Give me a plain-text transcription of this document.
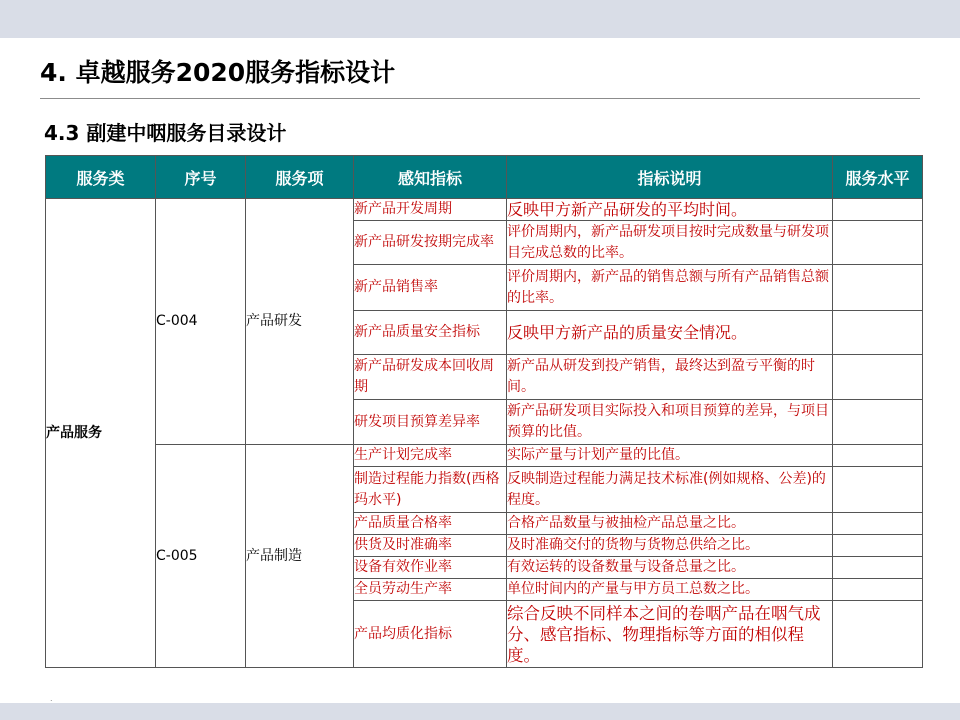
4. 卓越服务2020服务指标设计
4.3 副建中咽服务目录设计
服务类	序号	服务项	感知指标	指标说明	服务水平
产品服务	C-004	产品研发	新产品开发周期	反映甲方新产品研发的平均时间。	
			新产品研发按期完成率	评价周期内，新产品研发项目按时完成数量与研发项目完成总数的比率。	
			新产品销售率	评价周期内，新产品的销售总额与所有产品销售总额的比率。	
			新产品质量安全指标	反映甲方新产品的质量安全情况。	
			新产品研发成本回收周期	新产品从研发到投产销售，最终达到盈亏平衡的时间。	
			研发项目预算差异率	新产品研发项目实际投入和项目预算的差异，与项目预算的比值。	
	C-005	产品制造	生产计划完成率	实际产量与计划产量的比值。	
			制造过程能力指数(西格玛水平)	反映制造过程能力满足技术标准(例如规格、公差)的程度。	
			产品质量合格率	合格产品数量与被抽检产品总量之比。	
			供货及时准确率	及时准确交付的货物与货物总供给之比。	
			设备有效作业率	有效运转的设备数量与设备总量之比。	
			全员劳动生产率	单位时间内的产量与甲方员工总数之比。	
			产品均质化指标	综合反映不同样本之间的卷咽产品在咽气成分、感官指标、物理指标等方面的相似程度。	
.
